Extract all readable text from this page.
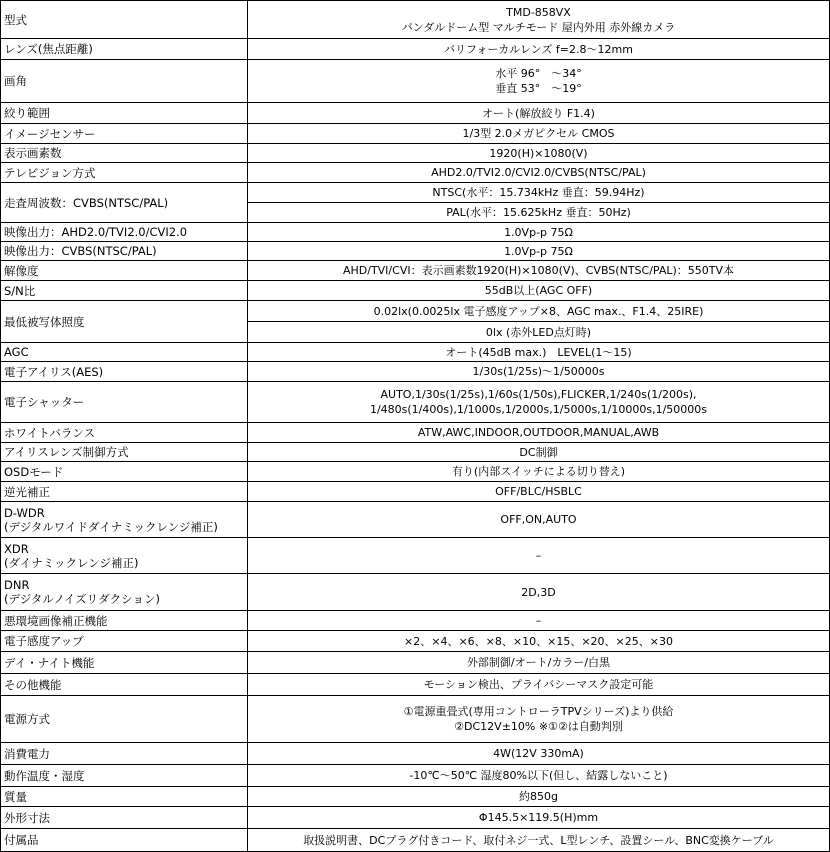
型式	TMD-858VX
バンダルドーム型 マルチモード 屋内外用 赤外線カメラ

レンズ(焦点距離)	バリフォーカルレンズ f=2.8～12mm

画角	水平 96°　～34°
垂直 53°　～19°

絞り範囲	オート(解放絞り F1.4)

イメージセンサー	1/3型 2.0メガピクセル CMOS

表示画素数	1920(H)×1080(V)

テレビジョン方式	AHD2.0/TVI2.0/CVI2.0/CVBS(NTSC/PAL)

走査周波数：CVBS(NTSC/PAL)	NTSC(水平：15.734kHz 垂直：59.94Hz)

	PAL(水平：15.625kHz 垂直：50Hz)

映像出力：AHD2.0/TVI2.0/CVI2.0	1.0Vp-p 75Ω

映像出力：CVBS(NTSC/PAL)	1.0Vp-p 75Ω

解像度	AHD/TVI/CVI：表示画素数1920(H)×1080(V)、CVBS(NTSC/PAL)：550TV本

S/N比	55dB以上(AGC OFF)

最低被写体照度	0.02lx(0.0025lx 電子感度アップ×8、AGC max.、F1.4、25IRE)

	0lx (赤外LED点灯時)

AGC	オート(45dB max.)　LEVEL(1～15)

電子アイリス(AES)	1/30s(1/25s)～1/50000s

電子シャッター	AUTO,1/30s(1/25s),1/60s(1/50s),FLICKER,1/240s(1/200s),
1/480s(1/400s),1/1000s,1/2000s,1/5000s,1/10000s,1/50000s

ホワイトバランス	ATW,AWC,INDOOR,OUTDOOR,MANUAL,AWB

アイリスレンズ制御方式	DC制御

OSDモード	有り(内部スイッチによる切り替え)

逆光補正	OFF/BLC/HSBLC

D-WDR
(デジタルワイドダイナミックレンジ補正)	OFF,ON,AUTO

XDR
(ダイナミックレンジ補正)	–

DNR
(デジタルノイズリダクション)	2D,3D

悪環境画像補正機能	–

電子感度アップ	×2、×4、×6、×8、×10、×15、×20、×25、×30

デイ・ナイト機能	外部制御/オート/カラー/白黒

その他機能	モーション検出、プライバシーマスク設定可能

電源方式	①電源重畳式(専用コントローラTPVシリーズ)より供給
②DC12V±10% ※①②は自動判別

消費電力	4W(12V 330mA)

動作温度・湿度	-10℃～50℃ 湿度80%以下(但し、結露しないこと)

質量	約850g

外形寸法	Φ145.5×119.5(H)mm

付属品	取扱説明書、DCプラグ付きコード、取付ネジ一式、L型レンチ、設置シール、BNC変換ケーブル
